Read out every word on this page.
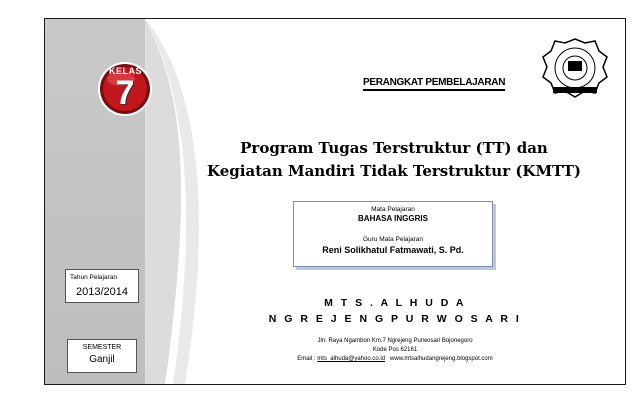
KELAS
7	PERANGKAT PEMBELAJARAN
Program Tugas Terstruktur (TT) dan
Kegiatan Mandiri Tidak Terstruktur (KMTT)
Mata Pelajaran
BAHASA INGGRIS
Guru Mata Pelajaran
Reni Solikhatul Fatmawati, S. Pd.
Tahun Pelajaran
2013/2014
SEMESTER
Ganjil
M T S . A L H U D A
N G R E J E N G P U R W O S A R I
Jln. Raya Ngambon Km.7 Ngrejeng Purwosari Bojonegoro
Kode Pos 62161
Email : mts_alhuda@yahoo.co.id www.mtsalhudangrejeng.blogspot.com
